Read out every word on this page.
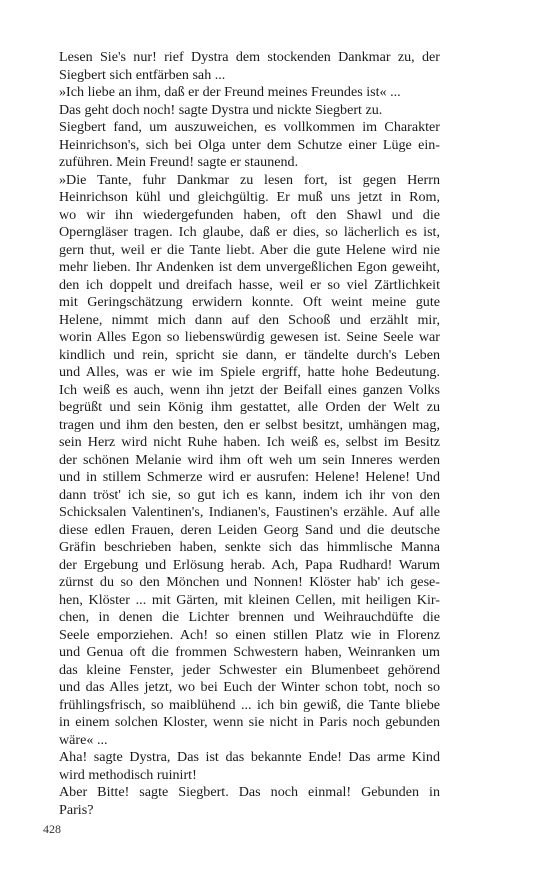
Lesen Sie's nur! rief Dystra dem stockenden Dankmar zu, der
Siegbert sich entfärben sah ...

»Ich liebe an ihm, daß er der Freund meines Freundes ist« ...

Das geht doch noch! sagte Dystra und nickte Siegbert zu.

Siegbert fand, um auszuweichen, es vollkommen im Charakter
Heinrichson's, sich bei Olga unter dem Schutze einer Lüge ein-
zuführen. Mein Freund! sagte er staunend.

»Die Tante, fuhr Dankmar zu lesen fort, ist gegen Herrn
Heinrichson kühl und gleichgültig. Er muß uns jetzt in Rom,
wo wir ihn wiedergefunden haben, oft den Shawl und die
Operngläser tragen. Ich glaube, daß er dies, so lächerlich es ist,
gern thut, weil er die Tante liebt. Aber die gute Helene wird nie
mehr lieben. Ihr Andenken ist dem unvergeßlichen Egon geweiht,
den ich doppelt und dreifach hasse, weil er so viel Zärtlichkeit
mit Geringschätzung erwidern konnte. Oft weint meine gute
Helene, nimmt mich dann auf den Schooß und erzählt mir,
worin Alles Egon so liebenswürdig gewesen ist. Seine Seele war
kindlich und rein, spricht sie dann, er tändelte durch's Leben
und Alles, was er wie im Spiele ergriff, hatte hohe Bedeutung.
Ich weiß es auch, wenn ihn jetzt der Beifall eines ganzen Volks
begrüßt und sein König ihm gestattet, alle Orden der Welt zu
tragen und ihm den besten, den er selbst besitzt, umhängen mag,
sein Herz wird nicht Ruhe haben. Ich weiß es, selbst im Besitz
der schönen Melanie wird ihm oft weh um sein Inneres werden
und in stillem Schmerze wird er ausrufen: Helene! Helene! Und
dann tröst' ich sie, so gut ich es kann, indem ich ihr von den
Schicksalen Valentinen's, Indianen's, Faustinen's erzähle. Auf alle
diese edlen Frauen, deren Leiden Georg Sand und die deutsche
Gräfin beschrieben haben, senkte sich das himmlische Manna
der Ergebung und Erlösung herab. Ach, Papa Rudhard! Warum
zürnst du so den Mönchen und Nonnen! Klöster hab' ich gese-
hen, Klöster ... mit Gärten, mit kleinen Cellen, mit heiligen Kir-
chen, in denen die Lichter brennen und Weihrauchdüfte die
Seele emporziehen. Ach! so einen stillen Platz wie in Florenz
und Genua oft die frommen Schwestern haben, Weinranken um
das kleine Fenster, jeder Schwester ein Blumenbeet gehörend
und das Alles jetzt, wo bei Euch der Winter schon tobt, noch so
frühlingsfrisch, so maiblühend ... ich bin gewiß, die Tante bliebe
in einem solchen Kloster, wenn sie nicht in Paris noch gebunden
wäre« ...

Aha! sagte Dystra, Das ist das bekannte Ende! Das arme Kind
wird methodisch ruinirt!

Aber Bitte! sagte Siegbert. Das noch einmal! Gebunden in
Paris?

428
